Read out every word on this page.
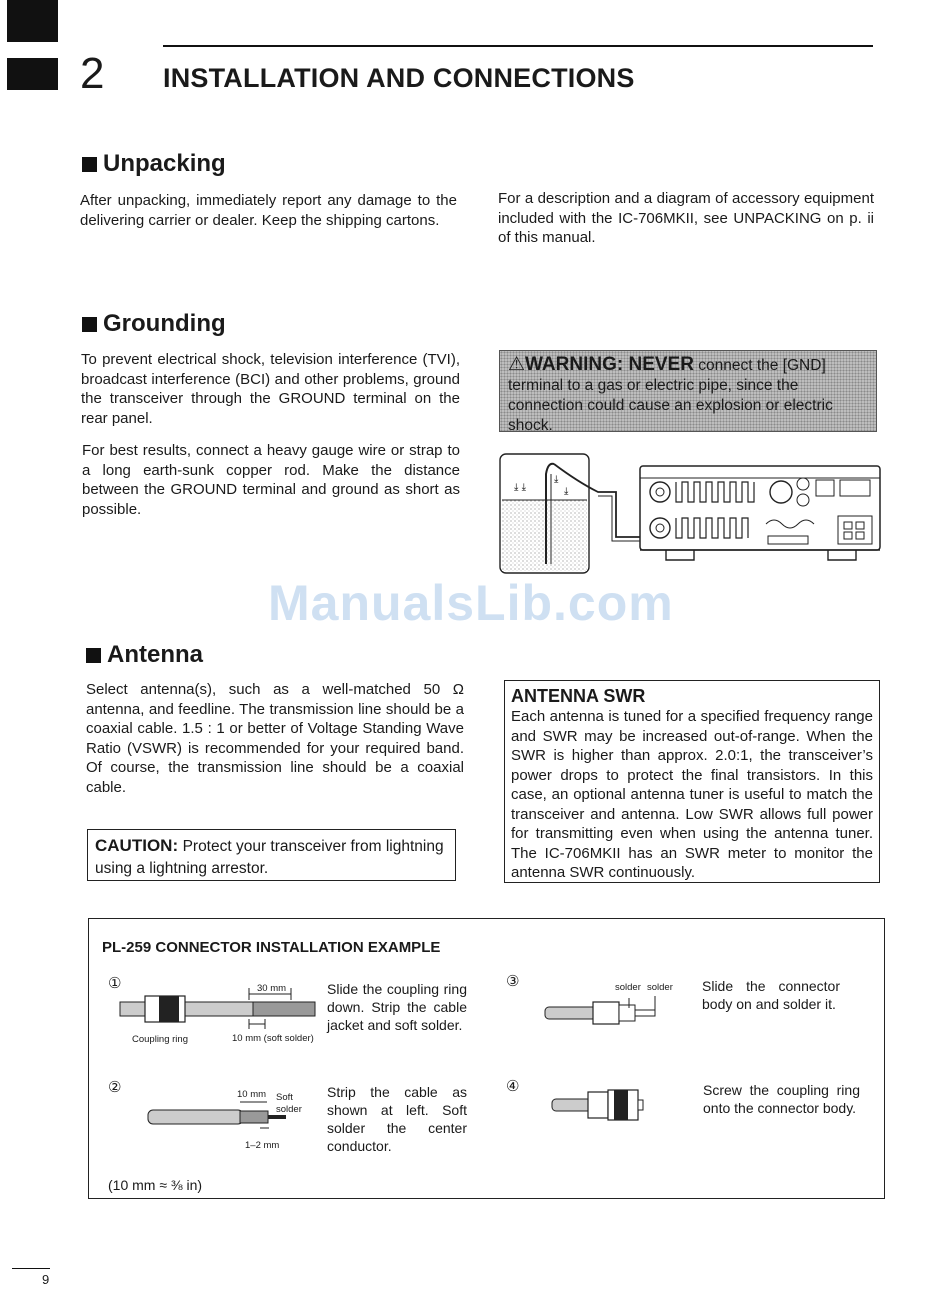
2 INSTALLATION AND CONNECTIONS
Unpacking
After unpacking, immediately report any damage to the delivering carrier or dealer. Keep the shipping cartons.
For a description and a diagram of accessory equipment included with the IC-706MKII, see UNPACKING on p. ii of this manual.
Grounding
To prevent electrical shock, television interference (TVI), broadcast interference (BCI) and other problems, ground the transceiver through the GROUND terminal on the rear panel.
For best results, connect a heavy gauge wire or strap to a long earth-sunk copper rod. Make the distance between the GROUND terminal and ground as short as possible.
⚠WARNING: NEVER connect the [GND] terminal to a gas or electric pipe, since the connection could cause an explosion or electric shock.
⤓ ⤓
⤓
⤓
ManualsLib.com
Antenna
Select antenna(s), such as a well-matched 50 Ω antenna, and feedline. The transmission line should be a coaxial cable. 1.5 : 1 or better of Voltage Standing Wave Ratio (VSWR) is recommended for your required band. Of course, the transmission line should be a coaxial cable.
CAUTION: Protect your transceiver from lightning using a lightning arrestor.
ANTENNA SWR
Each antenna is tuned for a specified frequency range and SWR may be increased out-of-range. When the SWR is higher than approx. 2.0:1, the transceiver’s power drops to protect the final transistors. In this case, an optional antenna tuner is useful to match the transceiver and antenna. Low SWR allows full power for transmitting even when using the antenna tuner. The IC-706MKII has an SWR meter to monitor the antenna SWR continuously.
PL-259 CONNECTOR INSTALLATION EXAMPLE
①	30 mm
10 mm (soft solder)
Coupling ring
Slide the coupling ring down. Strip the cable jacket and soft solder.
②	10 mm Soft
solder
1–2 mm
Strip the cable as shown at left. Soft solder the center conductor.
③	solder solder Slide the connector body on and solder it.
④	Screw the coupling ring onto the connector body.
(10 mm ≈ ⅜ in)
9
